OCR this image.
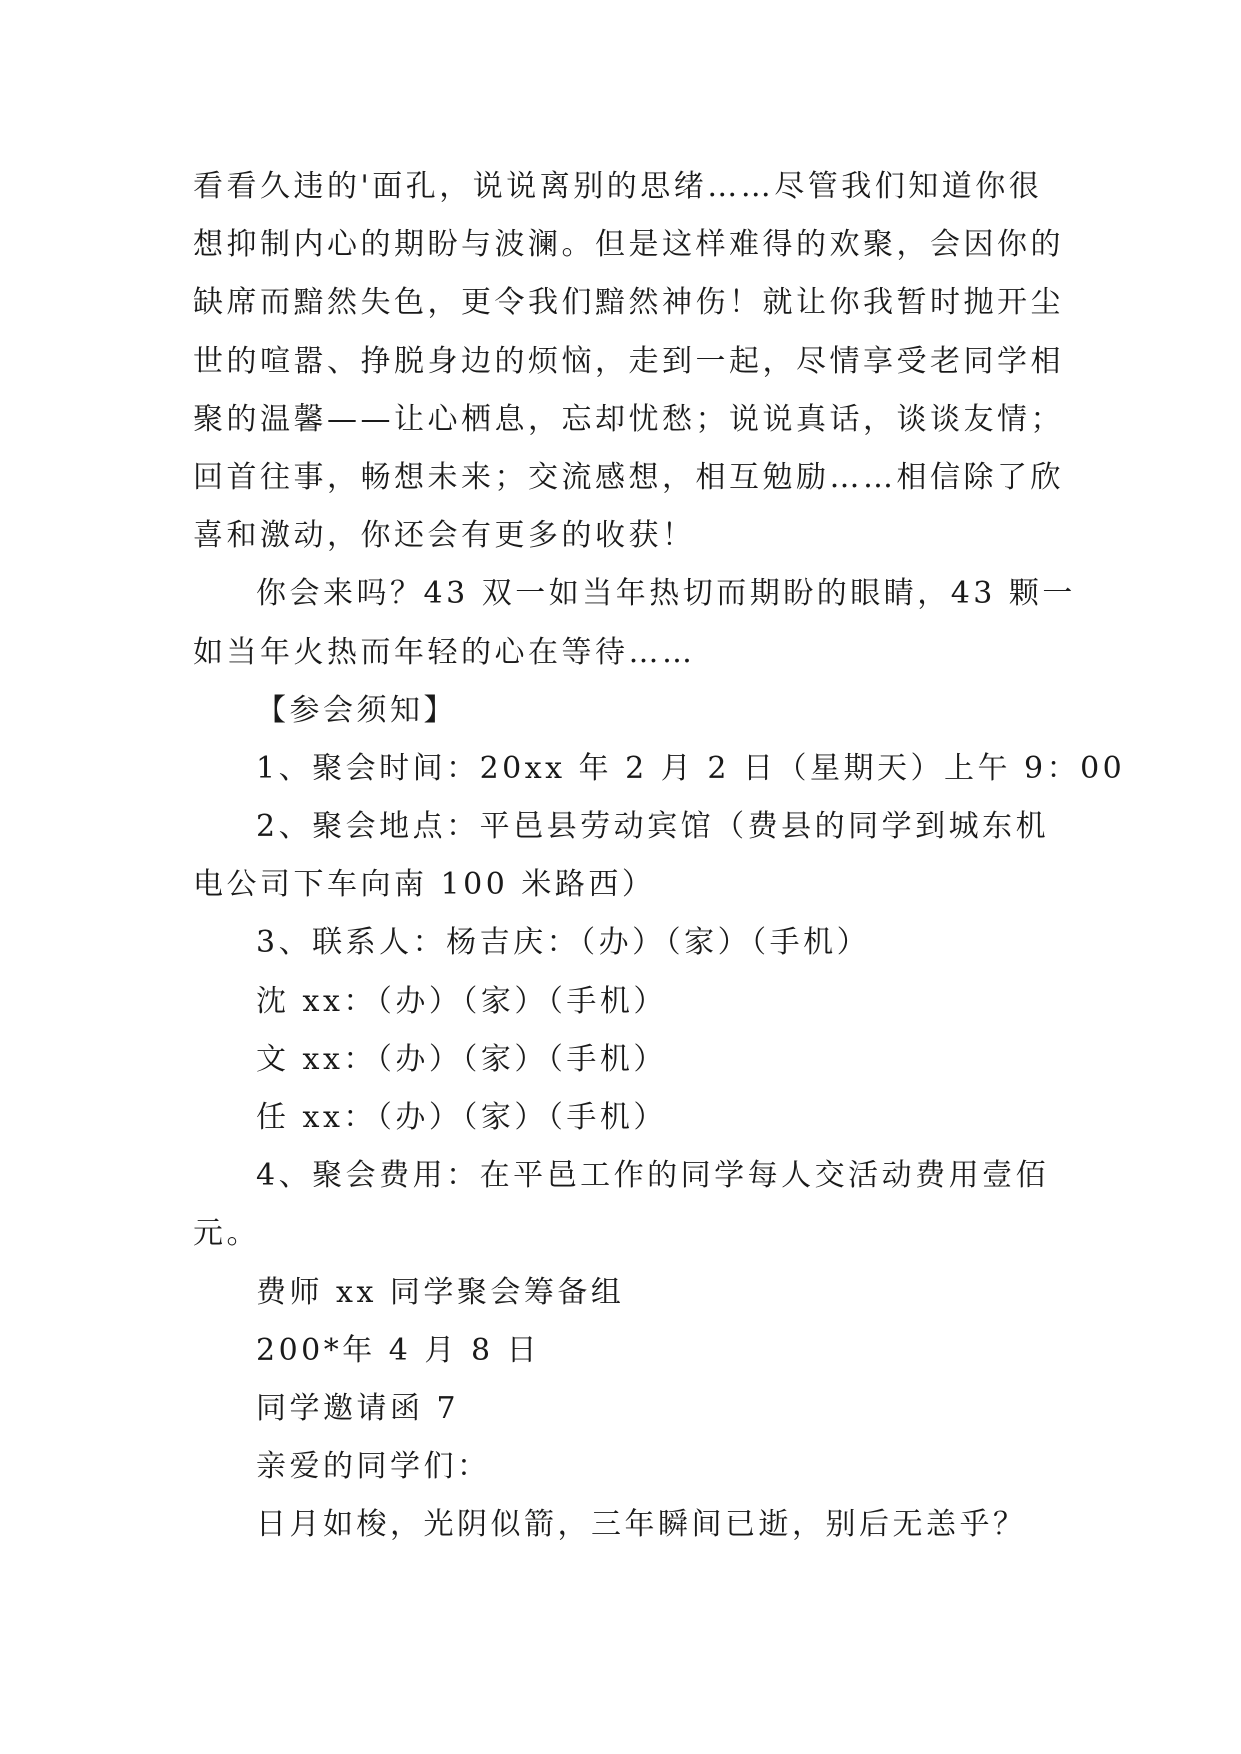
看看久违的'面孔，说说离别的思绪……尽管我们知道你很
想抑制内心的期盼与波澜。但是这样难得的欢聚，会因你的
缺席而黯然失色，更令我们黯然神伤！就让你我暂时抛开尘
世的喧嚣、挣脱身边的烦恼，走到一起，尽情享受老同学相
聚的温馨——让心栖息，忘却忧愁；说说真话，谈谈友情；
回首往事，畅想未来；交流感想，相互勉励……相信除了欣
喜和激动，你还会有更多的收获！
你会来吗？43 双一如当年热切而期盼的眼睛，43 颗一
如当年火热而年轻的心在等待……
【参会须知】
1、聚会时间：20xx 年 2 月 2 日（星期天）上午 9：00
2、聚会地点：平邑县劳动宾馆（费县的同学到城东机
电公司下车向南 100 米路西）
3、联系人：杨吉庆：（办）（家）（手机）
沈 xx：（办）（家）（手机）
文 xx：（办）（家）（手机）
任 xx：（办）（家）（手机）
4、聚会费用：在平邑工作的同学每人交活动费用壹佰
元。
费师 xx 同学聚会筹备组
200*年 4 月 8 日
同学邀请函 7
亲爱的同学们：
日月如梭，光阴似箭，三年瞬间已逝，别后无恙乎？
